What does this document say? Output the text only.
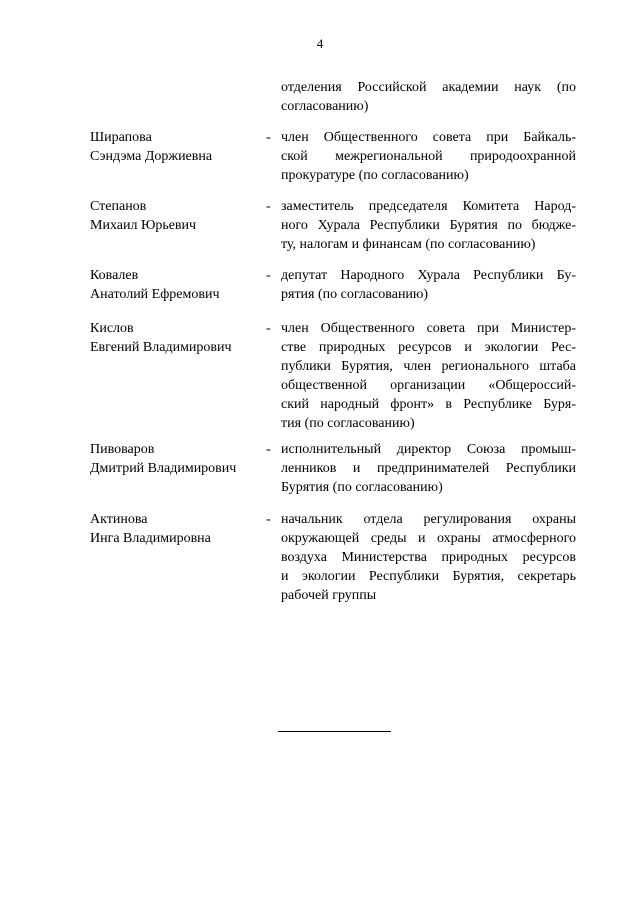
4
отделения Российской академии наук (по
согласованию)
Ширапова
Сэндэма Доржиевна
- член Общественного совета при Байкаль-
ской межрегиональной природоохранной
прокуратуре (по согласованию)
Степанов
Михаил Юрьевич
- заместитель председателя Комитета Народ-
ного Хурала Республики Бурятия по бюдже-
ту, налогам и финансам (по согласованию)
Ковалев
Анатолий Ефремович
- депутат Народного Хурала Республики Бу-
рятия (по согласованию)
Кислов
Евгений Владимирович
- член Общественного совета при Министер-
стве природных ресурсов и экологии Рес-
публики Бурятия, член регионального штаба
общественной организации «Общероссий-
ский народный фронт» в Республике Буря-
тия (по согласованию)
Пивоваров
Дмитрий Владимирович
- исполнительный директор Союза промыш-
ленников и предпринимателей Республики
Бурятия (по согласованию)
Актинова
Инга Владимировна
- начальник отдела регулирования охраны
окружающей среды и охраны атмосферного
воздуха Министерства природных ресурсов
и экологии Республики Бурятия, секретарь
рабочей группы
